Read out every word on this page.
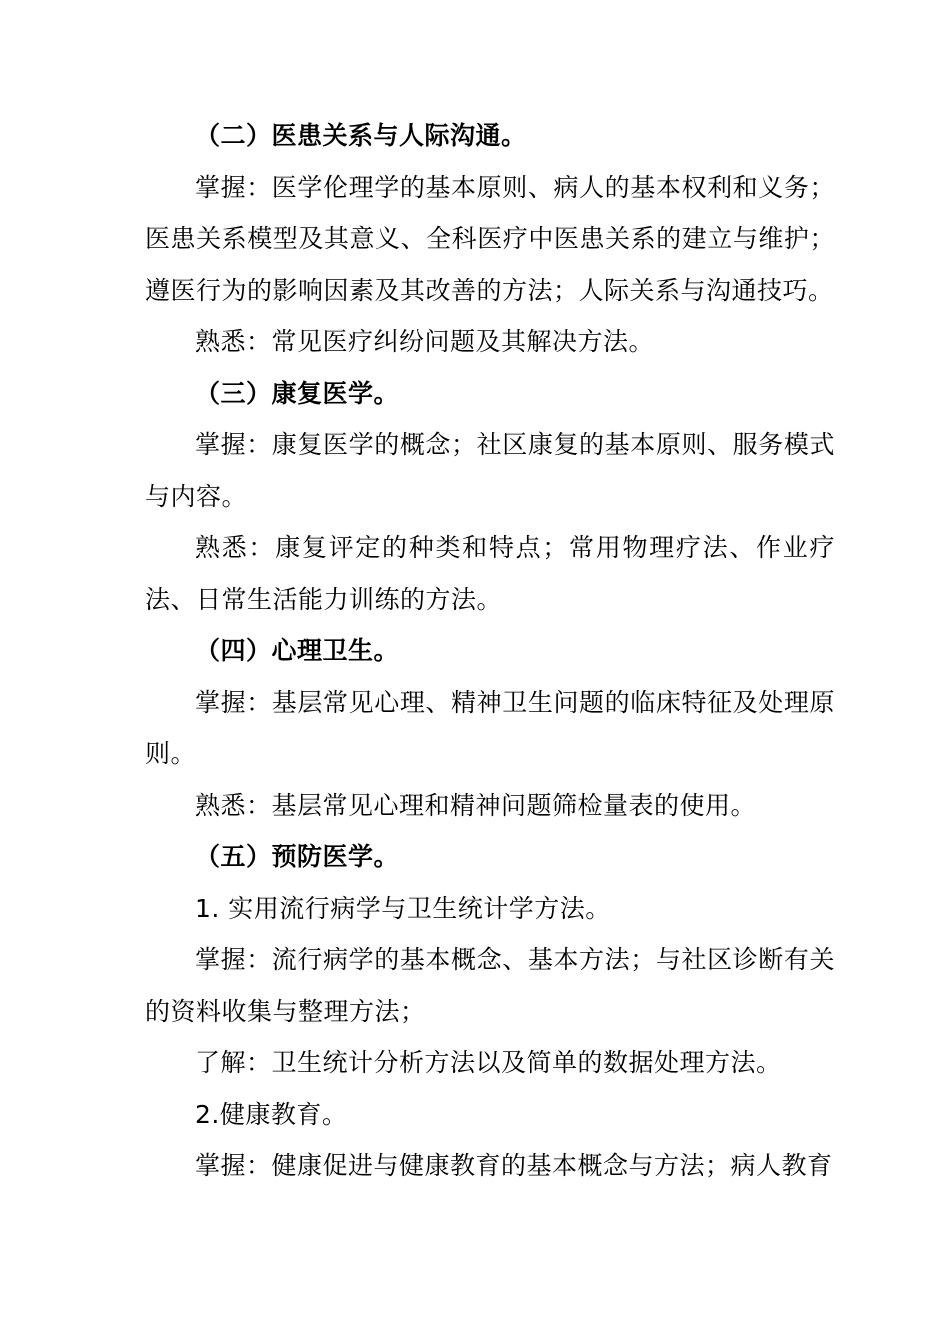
（二）医患关系与人际沟通。

掌握：医学伦理学的基本原则、病人的基本权利和义务；医患关系模型及其意义、全科医疗中医患关系的建立与维护；遵医行为的影响因素及其改善的方法；人际关系与沟通技巧。

熟悉：常见医疗纠纷问题及其解决方法。

（三）康复医学。

掌握：康复医学的概念；社区康复的基本原则、服务模式与内容。

熟悉：康复评定的种类和特点；常用物理疗法、作业疗法、日常生活能力训练的方法。

（四）心理卫生。

掌握：基层常见心理、精神卫生问题的临床特征及处理原则。

熟悉：基层常见心理和精神问题筛检量表的使用。

（五）预防医学。

1. 实用流行病学与卫生统计学方法。

掌握：流行病学的基本概念、基本方法；与社区诊断有关的资料收集与整理方法；

了解：卫生统计分析方法以及简单的数据处理方法。

2.健康教育。

掌握：健康促进与健康教育的基本概念与方法；病人教育
